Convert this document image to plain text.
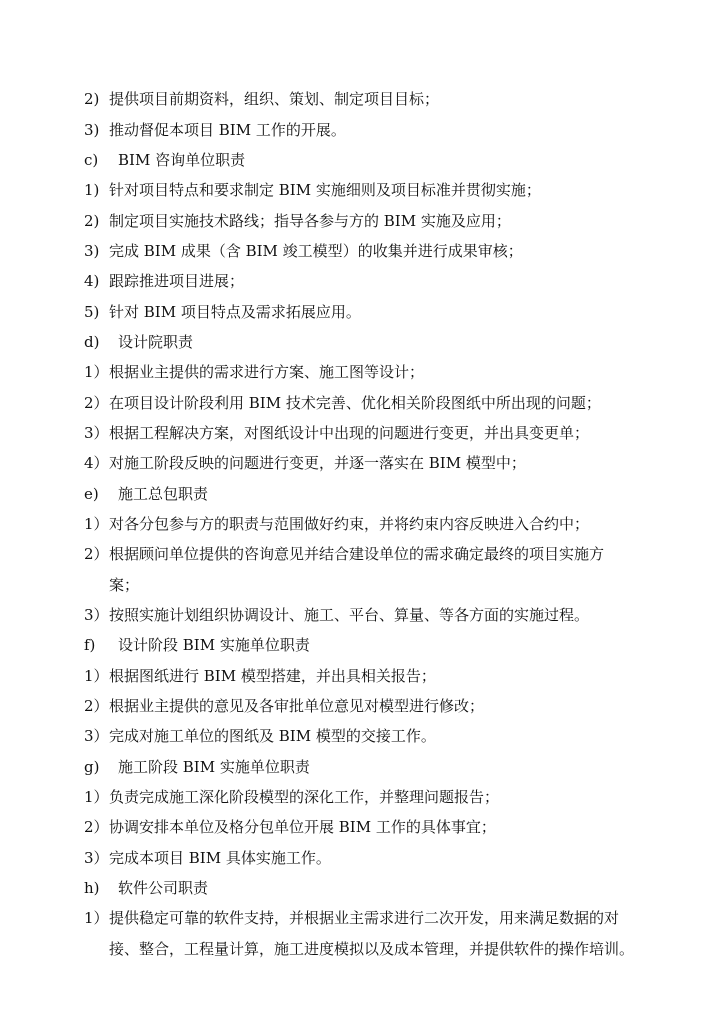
2) 提供项目前期资料，组织、策划、制定项目目标；
3) 推动督促本项目 BIM 工作的开展。
c) BIM 咨询单位职责
1) 针对项目特点和要求制定 BIM 实施细则及项目标准并贯彻实施；
2) 制定项目实施技术路线；指导各参与方的 BIM 实施及应用；
3) 完成 BIM 成果（含 BIM 竣工模型）的收集并进行成果审核；
4) 跟踪推进项目进展；
5) 针对 BIM 项目特点及需求拓展应用。
d) 设计院职责
1） 根据业主提供的需求进行方案、施工图等设计；
2） 在项目设计阶段利用 BIM 技术完善、优化相关阶段图纸中所出现的问题；
3） 根据工程解决方案，对图纸设计中出现的问题进行变更，并出具变更单；
4） 对施工阶段反映的问题进行变更，并逐一落实在 BIM 模型中；
e) 施工总包职责
1） 对各分包参与方的职责与范围做好约束，并将约束内容反映进入合约中；
2） 根据顾问单位提供的咨询意见并结合建设单位的需求确定最终的项目实施方
案；
3） 按照实施计划组织协调设计、施工、平台、算量、等各方面的实施过程。
f) 设计阶段 BIM 实施单位职责
1） 根据图纸进行 BIM 模型搭建，并出具相关报告；
2） 根据业主提供的意见及各审批单位意见对模型进行修改；
3） 完成对施工单位的图纸及 BIM 模型的交接工作。
g) 施工阶段 BIM 实施单位职责
1） 负责完成施工深化阶段模型的深化工作，并整理问题报告；
2） 协调安排本单位及格分包单位开展 BIM 工作的具体事宜；
3） 完成本项目 BIM 具体实施工作。
h) 软件公司职责
1） 提供稳定可靠的软件支持，并根据业主需求进行二次开发，用来满足数据的对
接、整合，工程量计算，施工进度模拟以及成本管理，并提供软件的操作培训。
